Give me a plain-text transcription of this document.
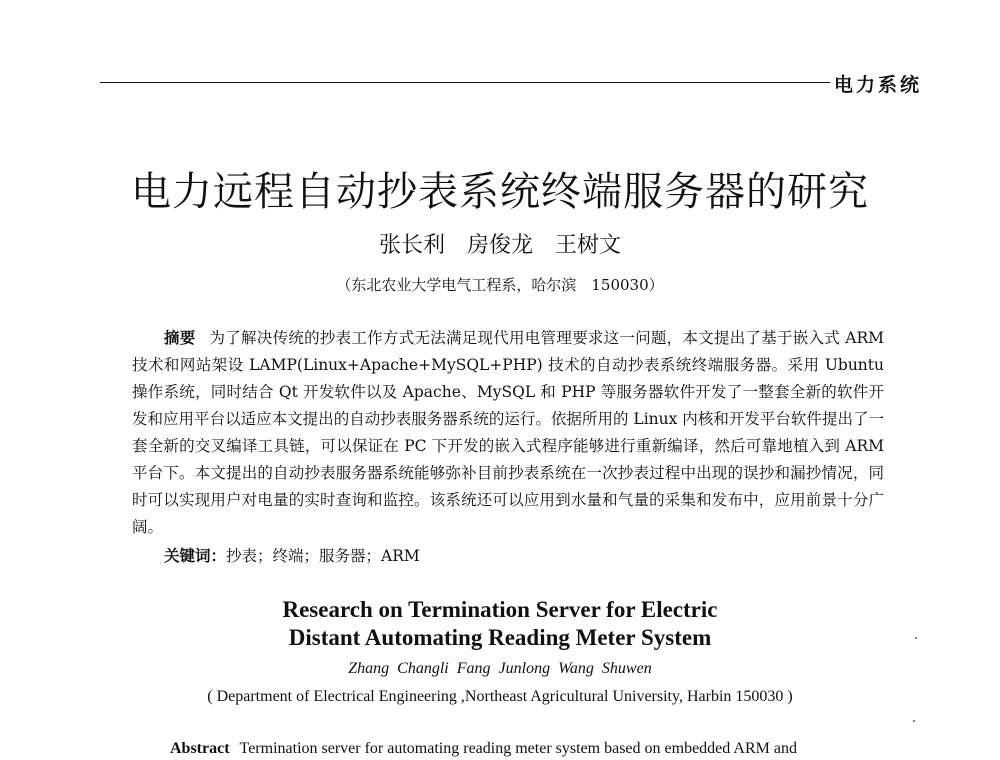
电力系统
电力远程自动抄表系统终端服务器的研究
张长利　房俊龙　王树文
（东北农业大学电气工程系，哈尔滨　150030）
摘要 为了解决传统的抄表工作方式无法满足现代用电管理要求这一问题，本文提出了基于嵌入式 ARM 技术和网站架设 LAMP(Linux+Apache+MySQL+PHP) 技术的自动抄表系统终端服务器。采用 Ubuntu 操作系统，同时结合 Qt 开发软件以及 Apache、MySQL 和 PHP 等服务器软件开发了一整套全新的软件开发和应用平台以适应本文提出的自动抄表服务器系统的运行。依据所用的 Linux 内核和开发平台软件提出了一套全新的交叉编译工具链，可以保证在 PC 下开发的嵌入式程序能够进行重新编译，然后可靠地植入到 ARM 平台下。本文提出的自动抄表服务器系统能够弥补目前抄表系统在一次抄表过程中出现的误抄和漏抄情况，同时可以实现用户对电量的实时查询和监控。该系统还可以应用到水量和气量的采集和发布中，应用前景十分广阔。
关键词：抄表；终端；服务器；ARM
Research on Termination Server for Electric
Distant Automating Reading Meter System
Zhang Changli Fang Junlong Wang Shuwen
( Department of Electrical Engineering ,Northeast Agricultural University, Harbin 150030 )
Abstract Termination server for automating reading meter system based on embedded ARM and
